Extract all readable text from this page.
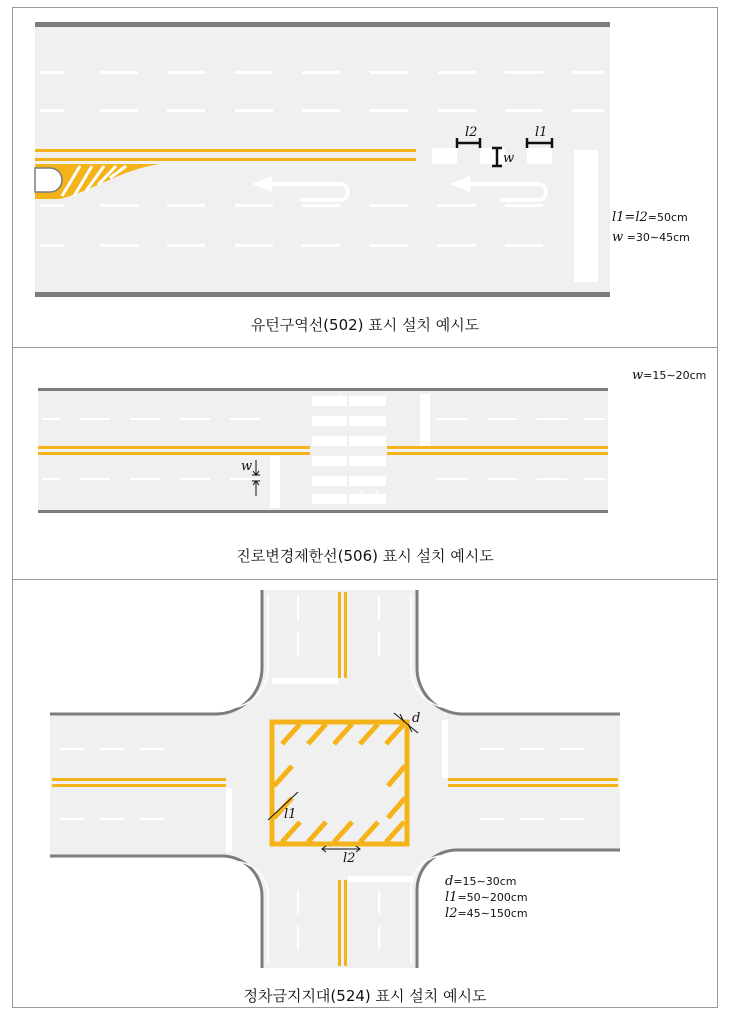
l2	l1
w
w
d
l1
l2
유턴구역선(502) 표시 설치 예시도
진로변경제한선(506) 표시 설치 예시도
정차금지지대(524) 표시 설치 예시도
l1=l2=50cm
w =30∼45cm
w=15∼20cm
d=15∼30cm
l1=50∼200cm
l2=45∼150cm
